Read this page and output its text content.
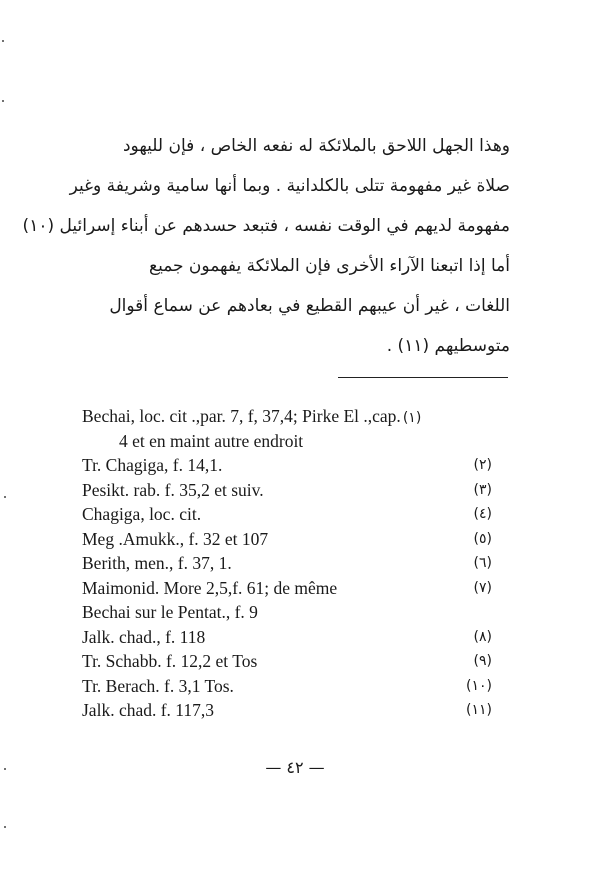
وهذا الجهل اللاحق بالملائكة له نفعه الخاص ، فإن لليهود
صلاة غير مفهومة تتلى بالكلدانية . وبما أنها سامية وشريفة وغير
مفهومة لديهم في الوقت نفسه ، فتبعد حسدهم عن أبناء إسرائيل (١٠)
أما إذا اتبعنا الآراء الأخرى فإن الملائكة يفهمون جميع
اللغات ، غير أن عيبهم القطيع في بعادهم عن سماع أقوال
متوسطيهم (١١) .
Bechai, loc. cit .,par. 7, f, 37,4; Pirke El .,cap. (١)
4 et en maint autre endroit
Tr. Chagiga, f. 14,1.	(٢)
Pesikt. rab. f. 35,2 et suiv.	(٣)
Chagiga, loc. cit.	(٤)
Meg .Amukk., f. 32 et 107	(٥)
Berith, men., f. 37, 1.	(٦)
Maimonid. More 2,5,f. 61; de même	(٧)
Bechai sur le Pentat., f. 9
Jalk. chad., f. 118	(٨)
Tr. Schabb. f. 12,2 et Tos	(٩)
Tr. Berach. f. 3,1 Tos.	(١٠)
Jalk. chad. f. 117,3	(١١)
— ٤٢ —
